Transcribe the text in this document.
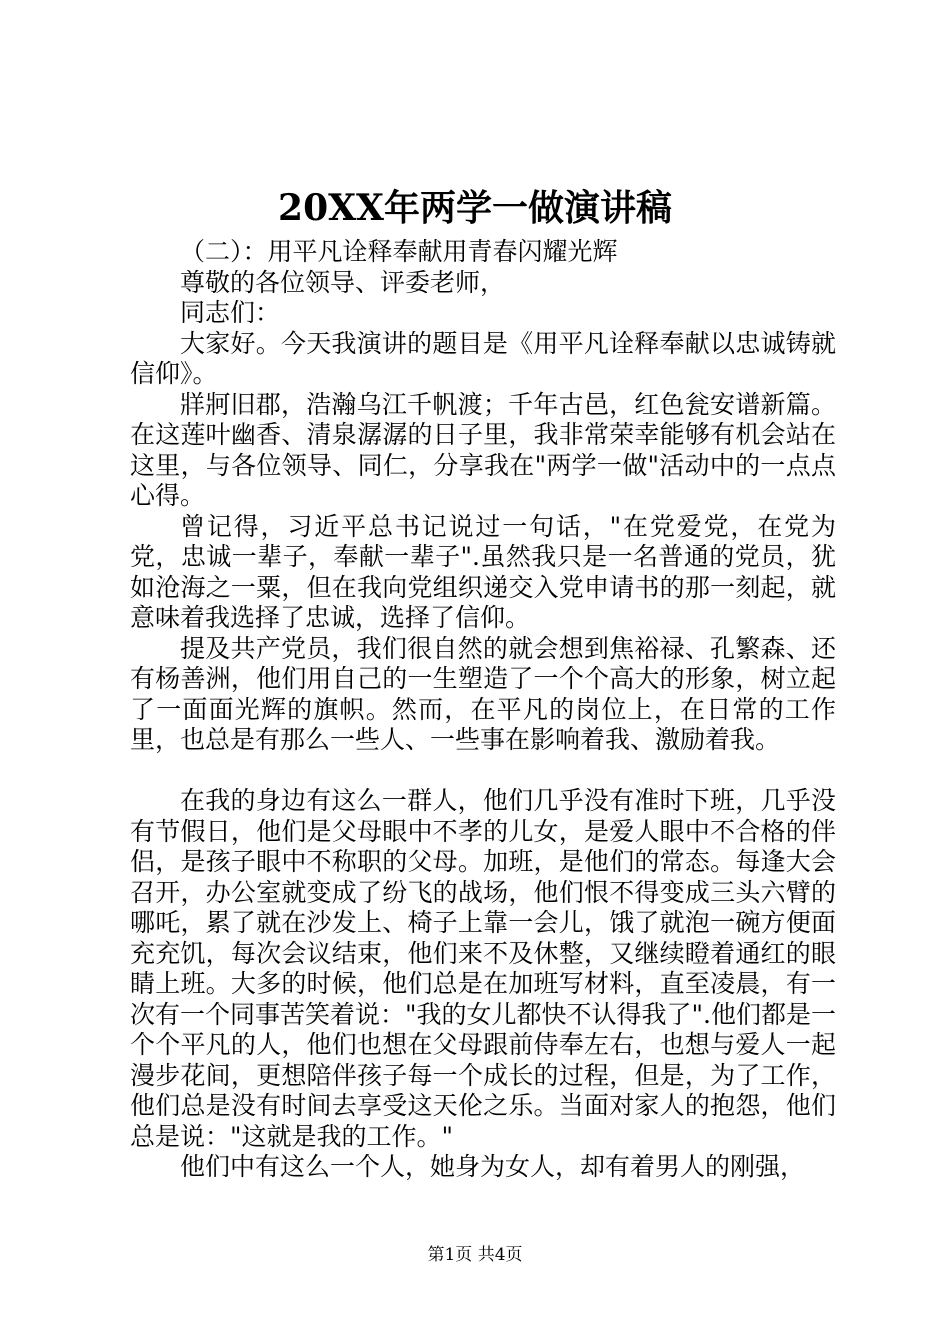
20XX年两学一做演讲稿

（二）：用平凡诠释奉献用青春闪耀光辉

尊敬的各位领导、评委老师，

同志们：

大家好。今天我演讲的题目是《用平凡诠释奉献以忠诚铸就信仰》。

牂牁旧郡，浩瀚乌江千帆渡；千年古邑，红色瓮安谱新篇。在这莲叶幽香、清泉潺潺的日子里，我非常荣幸能够有机会站在这里，与各位领导、同仁，分享我在"两学一做"活动中的一点点心得。

曾记得，习近平总书记说过一句话，"在党爱党，在党为党，忠诚一辈子，奉献一辈子".虽然我只是一名普通的党员，犹如沧海之一粟，但在我向党组织递交入党申请书的那一刻起，就意味着我选择了忠诚，选择了信仰。

提及共产党员，我们很自然的就会想到焦裕禄、孔繁森、还有杨善洲，他们用自己的一生塑造了一个个高大的形象，树立起了一面面光辉的旗帜。然而，在平凡的岗位上，在日常的工作里，也总是有那么一些人、一些事在影响着我、激励着我。

在我的身边有这么一群人，他们几乎没有准时下班，几乎没有节假日，他们是父母眼中不孝的儿女，是爱人眼中不合格的伴侣，是孩子眼中不称职的父母。加班，是他们的常态。每逢大会召开，办公室就变成了纷飞的战场，他们恨不得变成三头六臂的哪吒，累了就在沙发上、椅子上靠一会儿，饿了就泡一碗方便面充充饥，每次会议结束，他们来不及休整，又继续瞪着通红的眼睛上班。大多的时候，他们总是在加班写材料，直至凌晨，有一次有一个同事苦笑着说："我的女儿都快不认得我了".他们都是一个个平凡的人，他们也想在父母跟前侍奉左右，也想与爱人一起漫步花间，更想陪伴孩子每一个成长的过程，但是，为了工作，他们总是没有时间去享受这天伦之乐。当面对家人的抱怨，他们总是说："这就是我的工作。"

他们中有这么一个人，她身为女人，却有着男人的刚强，

第1页 共4页
